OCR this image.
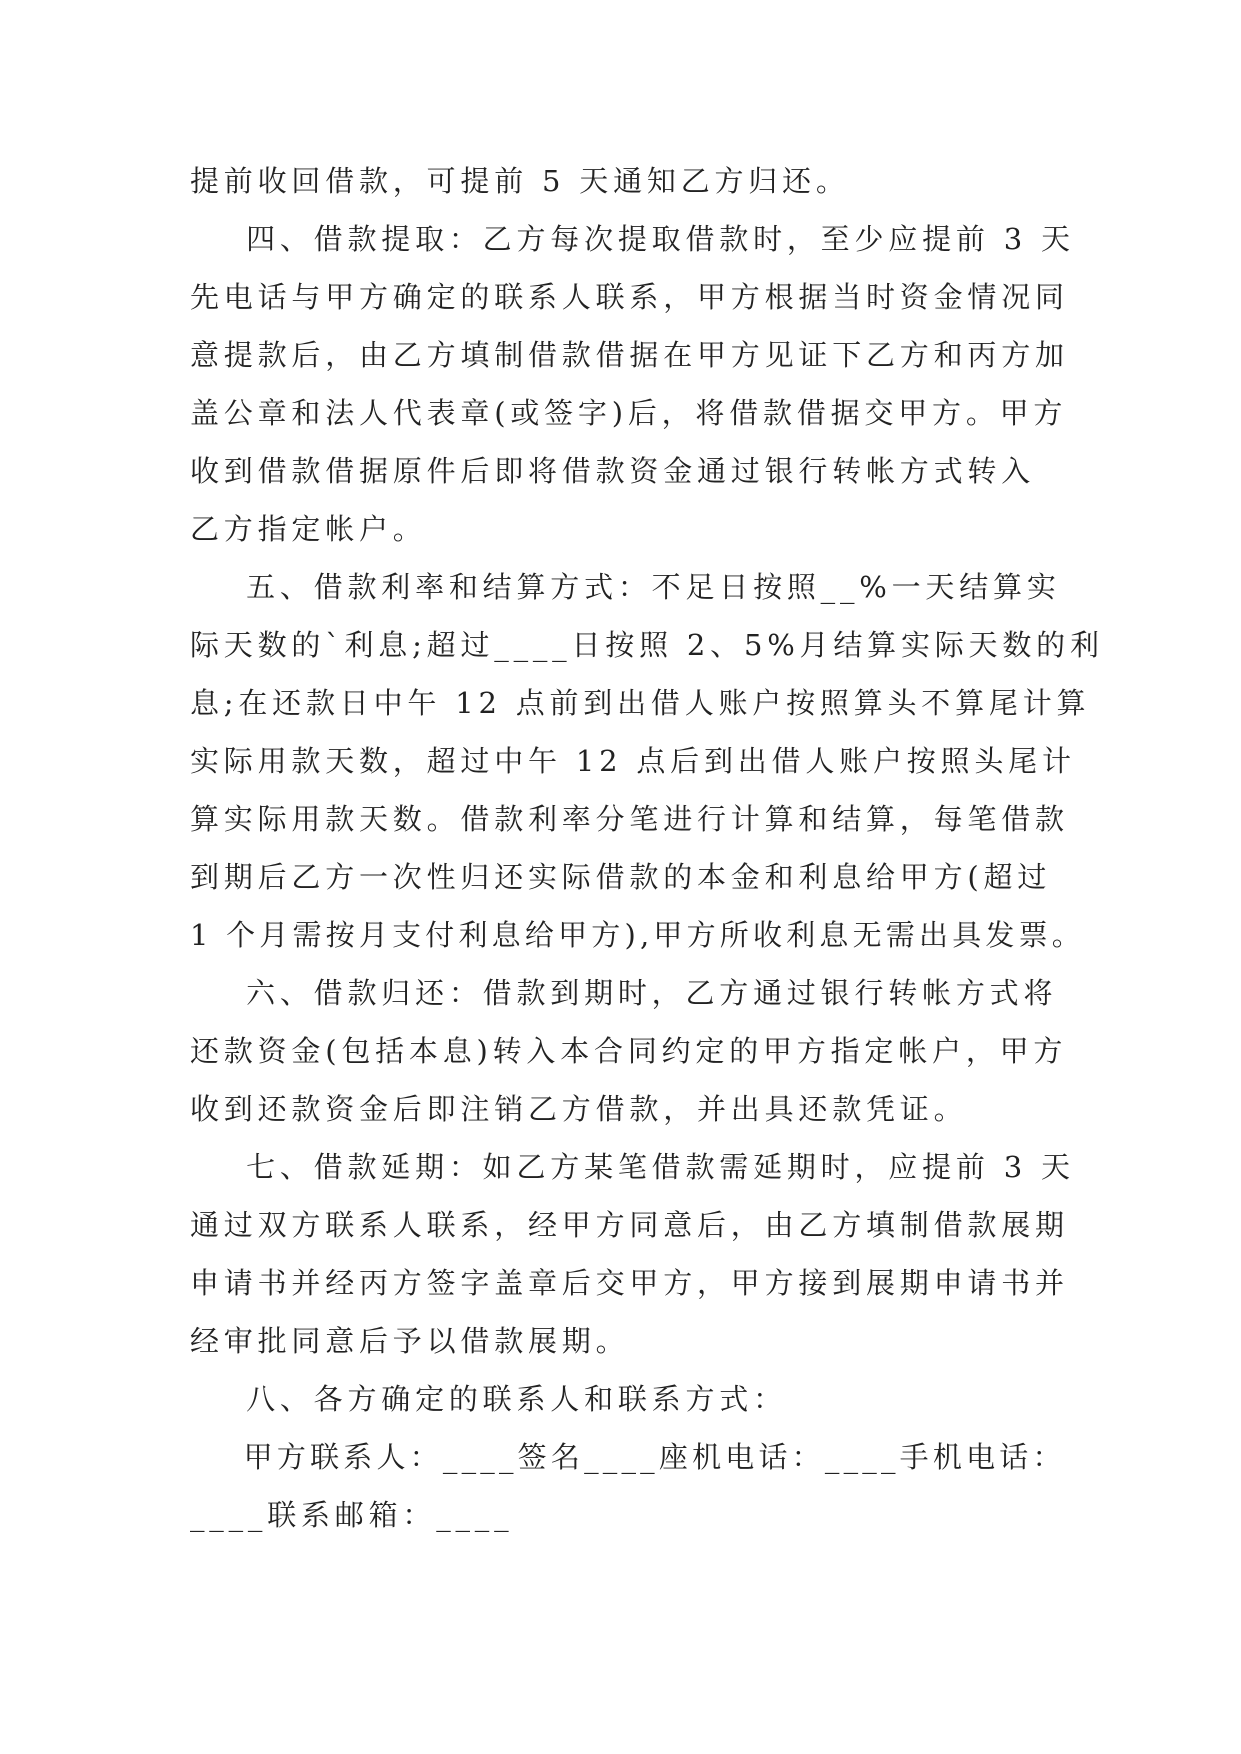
提前收回借款，可提前 5 天通知乙方归还。
四、借款提取：乙方每次提取借款时，至少应提前 3 天
先电话与甲方确定的联系人联系，甲方根据当时资金情况同
意提款后，由乙方填制借款借据在甲方见证下乙方和丙方加
盖公章和法人代表章(或签字)后，将借款借据交甲方。甲方
收到借款借据原件后即将借款资金通过银行转帐方式转入
乙方指定帐户。
五、借款利率和结算方式：不足日按照__%一天结算实
际天数的`利息;超过____日按照 2、5%月结算实际天数的利
息;在还款日中午 12 点前到出借人账户按照算头不算尾计算
实际用款天数，超过中午 12 点后到出借人账户按照头尾计
算实际用款天数。借款利率分笔进行计算和结算，每笔借款
到期后乙方一次性归还实际借款的本金和利息给甲方(超过
1 个月需按月支付利息给甲方),甲方所收利息无需出具发票。
六、借款归还：借款到期时，乙方通过银行转帐方式将
还款资金(包括本息)转入本合同约定的甲方指定帐户，甲方
收到还款资金后即注销乙方借款，并出具还款凭证。
七、借款延期：如乙方某笔借款需延期时，应提前 3 天
通过双方联系人联系，经甲方同意后，由乙方填制借款展期
申请书并经丙方签字盖章后交甲方，甲方接到展期申请书并
经审批同意后予以借款展期。
八、各方确定的联系人和联系方式：
甲方联系人：____签名____座机电话：____手机电话：
____联系邮箱：____
